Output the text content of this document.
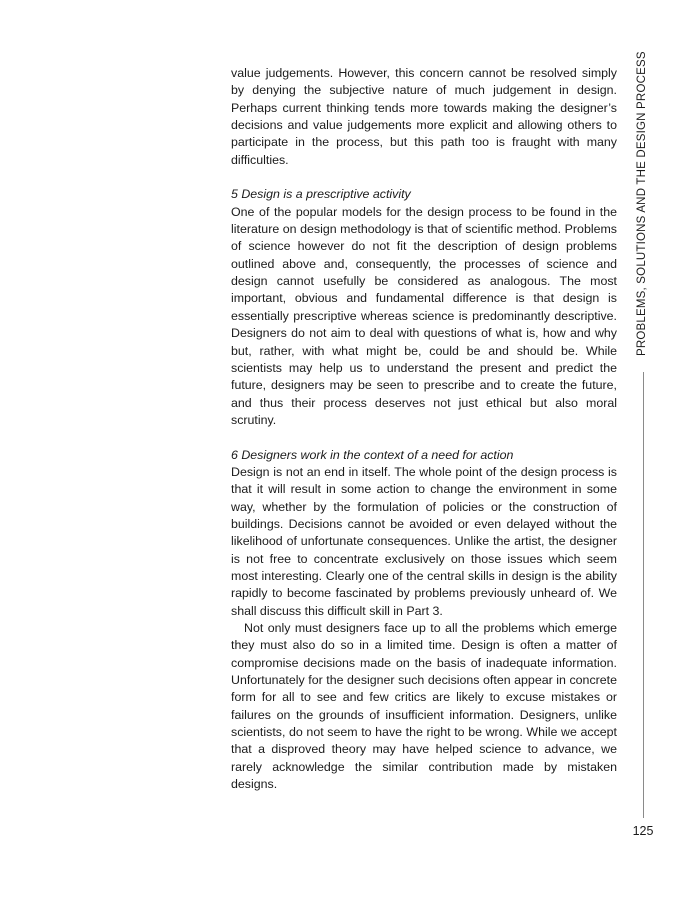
value judgements. However, this concern cannot be resolved simply by denying the subjective nature of much judgement in design. Perhaps current thinking tends more towards making the designer’s decisions and value judgements more explicit and allowing others to participate in the process, but this path too is fraught with many difficulties.

5 Design is a prescriptive activity

One of the popular models for the design process to be found in the literature on design methodology is that of scientific method. Problems of science however do not fit the description of design problems outlined above and, consequently, the processes of science and design cannot usefully be considered as analogous. The most important, obvious and fundamental difference is that design is essentially prescriptive whereas science is predominantly descriptive. Designers do not aim to deal with questions of what is, how and why but, rather, with what might be, could be and should be. While scientists may help us to understand the present and predict the future, designers may be seen to prescribe and to create the future, and thus their process deserves not just ethical but also moral scrutiny.

6 Designers work in the context of a need for action

Design is not an end in itself. The whole point of the design process is that it will result in some action to change the environment in some way, whether by the formulation of policies or the construction of buildings. Decisions cannot be avoided or even delayed without the likelihood of unfortunate consequences. Unlike the artist, the designer is not free to concentrate exclusively on those issues which seem most interesting. Clearly one of the central skills in design is the ability rapidly to become fascinated by problems previously unheard of. We shall discuss this difficult skill in Part 3.

Not only must designers face up to all the problems which emerge they must also do so in a limited time. Design is often a matter of compromise decisions made on the basis of inadequate information. Unfortunately for the designer such decisions often appear in concrete form for all to see and few critics are likely to excuse mistakes or failures on the grounds of insufficient information. Designers, unlike scientists, do not seem to have the right to be wrong. While we accept that a disproved theory may have helped science to advance, we rarely acknowledge the similar contribution made by mistaken designs.

PROBLEMS, SOLUTIONS AND THE DESIGN PROCESS
125
